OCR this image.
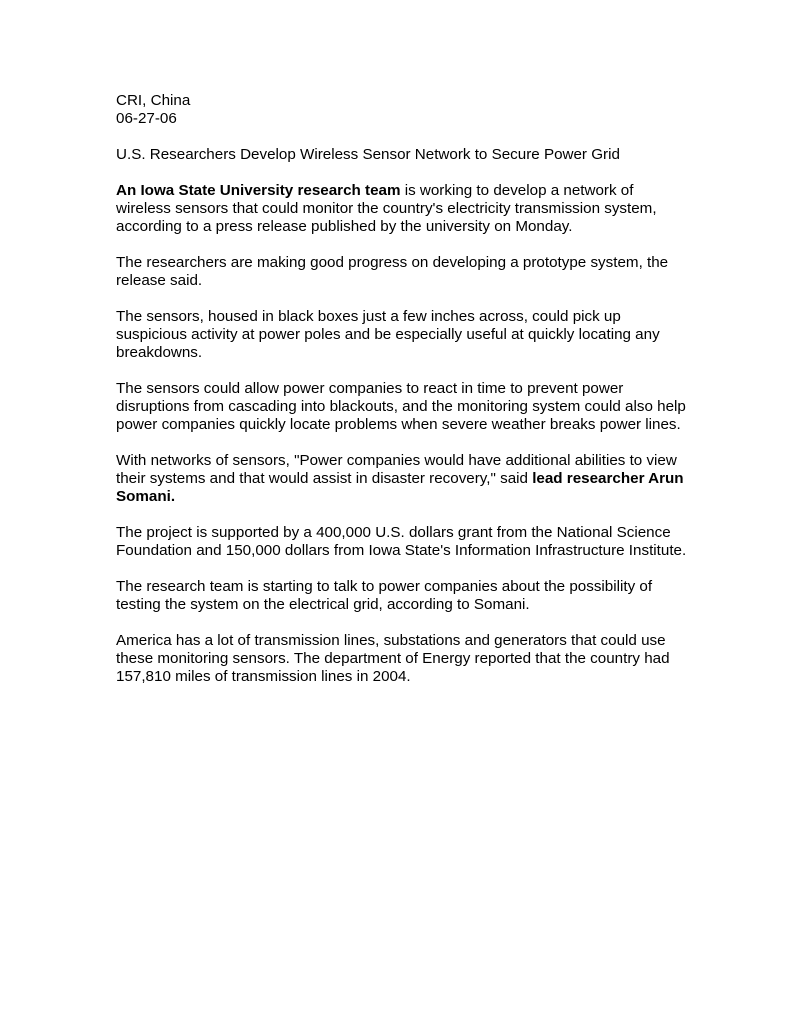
CRI, China

06-27-06

U.S. Researchers Develop Wireless Sensor Network to Secure Power Grid

An Iowa State University research team is working to develop a network of wireless sensors that could monitor the country's electricity transmission system, according to a press release published by the university on Monday.

The researchers are making good progress on developing a prototype system, the release said.

The sensors, housed in black boxes just a few inches across, could pick up suspicious activity at power poles and be especially useful at quickly locating any breakdowns.

The sensors could allow power companies to react in time to prevent power disruptions from cascading into blackouts, and the monitoring system could also help power companies quickly locate problems when severe weather breaks power lines.

With networks of sensors, "Power companies would have additional abilities to view their systems and that would assist in disaster recovery," said lead researcher Arun Somani.

The project is supported by a 400,000 U.S. dollars grant from the National Science Foundation and 150,000 dollars from Iowa State's Information Infrastructure Institute.

The research team is starting to talk to power companies about the possibility of testing the system on the electrical grid, according to Somani.

America has a lot of transmission lines, substations and generators that could use these monitoring sensors. The department of Energy reported that the country had 157,810 miles of transmission lines in 2004.
